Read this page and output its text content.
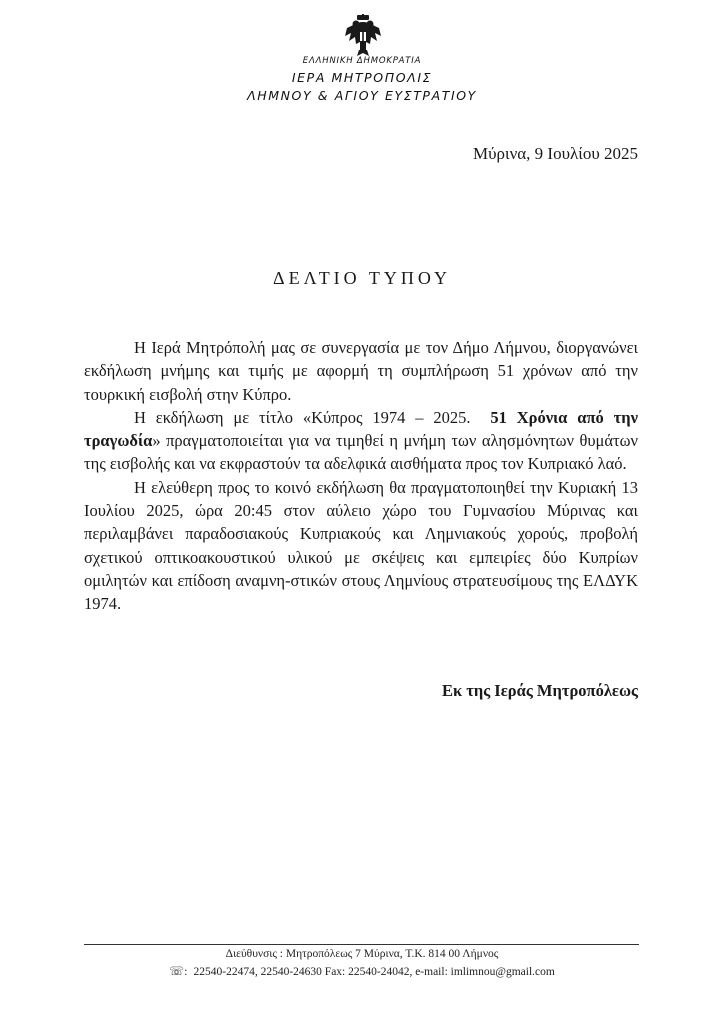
ΕΛΛΗΝΙΚΗ ΔΗΜΟΚΡΑΤΙΑ
ΙΕΡΑ ΜΗΤΡΟΠΟΛΙΣ
ΛΗΜΝΟΥ & ΑΓΙΟΥ ΕΥΣΤΡΑΤΙΟΥ
Μύρινα, 9 Ιουλίου 2025
ΔΕΛΤΙΟ ΤΥΠΟΥ

Η Ιερά Μητρόπολή μας σε συνεργασία με τον Δήμο Λήμνου, διοργανώνει εκδήλωση μνήμης και τιμής με αφορμή τη συμπλήρωση 51 χρόνων από την τουρκική εισβολή στην Κύπρο.

Η εκδήλωση με τίτλο «Κύπρος 1974 – 2025. 51 Χρόνια από την τραγωδία» πραγματοποιείται για να τιμηθεί η μνήμη των αλησμόνητων θυμάτων της εισβολής και να εκφραστούν τα αδελφικά αισθήματα προς τον Κυπριακό λαό.

Η ελεύθερη προς το κοινό εκδήλωση θα πραγματοποιηθεί την Κυριακή 13 Ιουλίου 2025, ώρα 20:45 στον αύλειο χώρο του Γυμνασίου Μύρινας και περιλαμβάνει παραδοσιακούς Κυπριακούς και Λημνιακούς χορούς, προβολή σχετικού οπτικοακουστικού υλικού με σκέψεις και εμπειρίες δύο Κυπρίων ομιλητών και επίδοση αναμνη-στικών στους Λημνίους στρατευσίμους της ΕΛΔΥΚ 1974.

Εκ της Ιεράς Μητροπόλεως
Διεύθυνσις : Μητροπόλεως 7 Μύρινα, Τ.Κ. 814 00 Λήμνος
☏: 22540-22474, 22540-24630 Fax: 22540-24042, e-mail: imlimnou@gmail.com
